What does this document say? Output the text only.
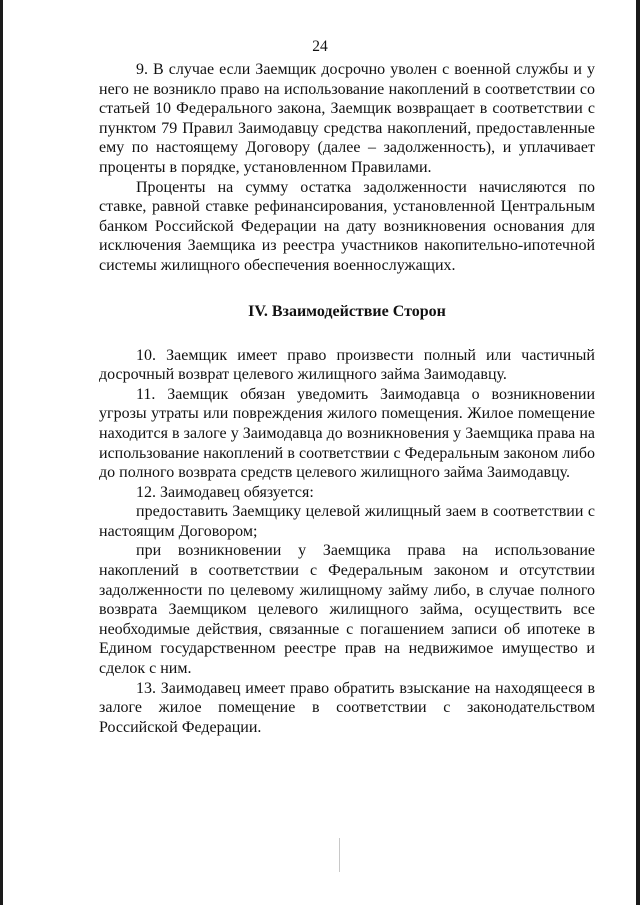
24

9. В случае если Заемщик досрочно уволен с военной службы и у него не возникло право на использование накоплений в соответствии со статьей 10 Федерального закона, Заемщик возвращает в соответствии с пунктом 79 Правил Заимодавцу средства накоплений, предоставленные ему по настоящему Договору (далее – задолженность), и уплачивает проценты в порядке, установленном Правилами.

Проценты на сумму остатка задолженности начисляются по ставке, равной ставке рефинансирования, установленной Центральным банком Российской Федерации на дату возникновения основания для исключения Заемщика из реестра участников накопительно-ипотечной системы жилищного обеспечения военнослужащих.

IV. Взаимодействие Сторон

10. Заемщик имеет право произвести полный или частичный досрочный возврат целевого жилищного займа Заимодавцу.

11. Заемщик обязан уведомить Заимодавца о возникновении угрозы утраты или повреждения жилого помещения. Жилое помещение находится в залоге у Заимодавца до возникновения у Заемщика права на использование накоплений в соответствии с Федеральным законом либо до полного возврата средств целевого жилищного займа Заимодавцу.

12. Заимодавец обязуется:

предоставить Заемщику целевой жилищный заем в соответствии с настоящим Договором;

при возникновении у Заемщика права на использование накоплений в соответствии с Федеральным законом и отсутствии задолженности по целевому жилищному займу либо, в случае полного возврата Заемщиком целевого жилищного займа, осуществить все необходимые действия, связанные с погашением записи об ипотеке в Едином государственном реестре прав на недвижимое имущество и сделок с ним.

13. Заимодавец имеет право обратить взыскание на находящееся в залоге жилое помещение в соответствии с законодательством Российской Федерации.
